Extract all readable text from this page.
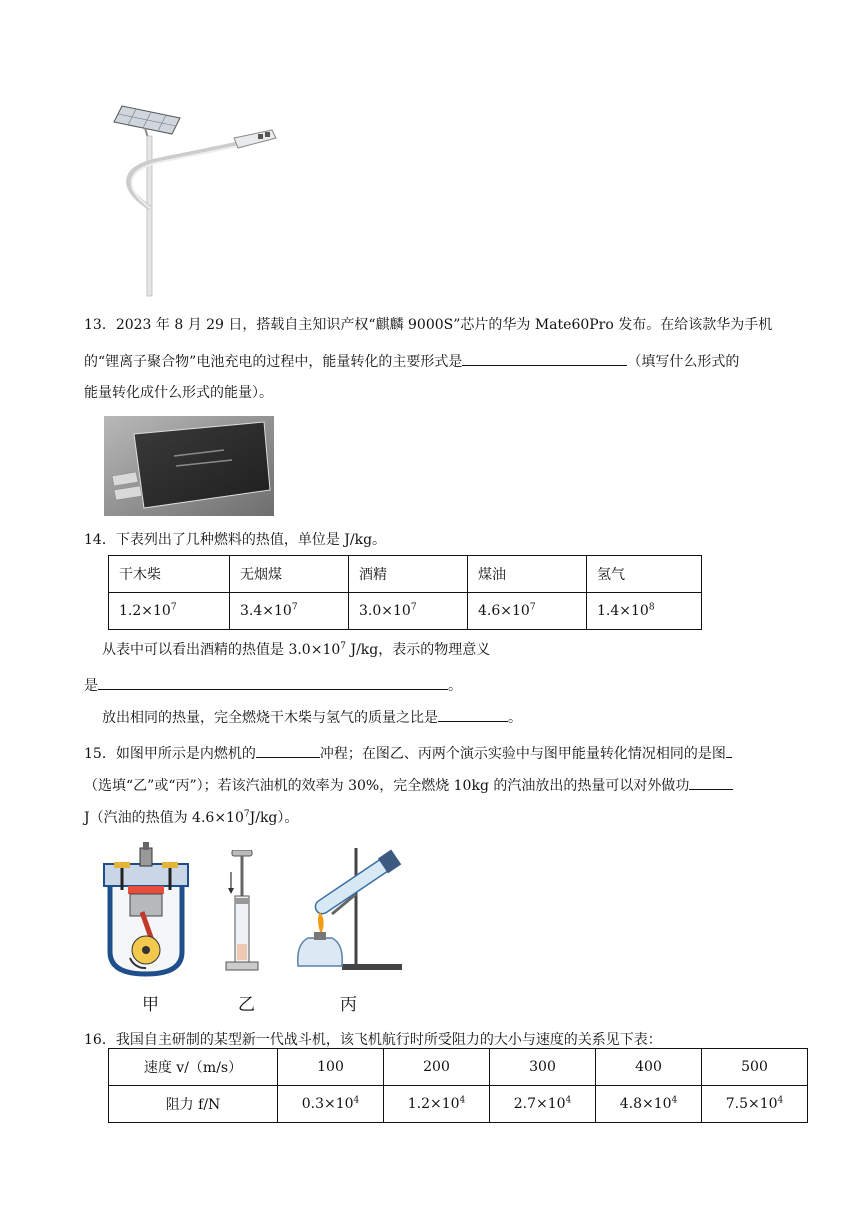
13．2023 年 8 月 29 日，搭载自主知识产权“麒麟 9000S”芯片的华为 Mate60Pro 发布。在给该款华为手机
的“锂离子聚合物”电池充电的过程中，能量转化的主要形式是	（填写什么形式的
能量转化成什么形式的能量）。
14．下表列出了几种燃料的热值，单位是 J/kg。
干木柴	无烟煤	酒精	煤油	氢气
$1.2\times 10^7$	$3.4\times 10^7$	$3.0\times 10^7$	$4.6\times 10^7$	$1.4\times 10^8$
从表中可以看出酒精的热值是 $3.0\times 10^7$ J/kg，表示的物理意义
是	。
放出相同的热量，完全燃烧干木柴与氢气的质量之比是	。
15．如图甲所示是内燃机的	冲程；在图乙、丙两个演示实验中与图甲能量转化情况相同的是图
（选填“乙”或“丙”）；若该汽油机的效率为 30%，完全燃烧 10kg 的汽油放出的热量可以对外做功
J（汽油的热值为 $4.6\times 10^7J/kg$）。
甲	乙	丙
16．我国自主研制的某型新一代战斗机，该飞机航行时所受阻力的大小与速度的关系见下表：
速度 v/（m/s）	100	200	300	400	500
阻力 f/N	$0.3\times 10^4$	$1.2\times 10^4$	$2.7\times 10^4$	$4.8\times 10^4$	$7.5\times 10^4$
